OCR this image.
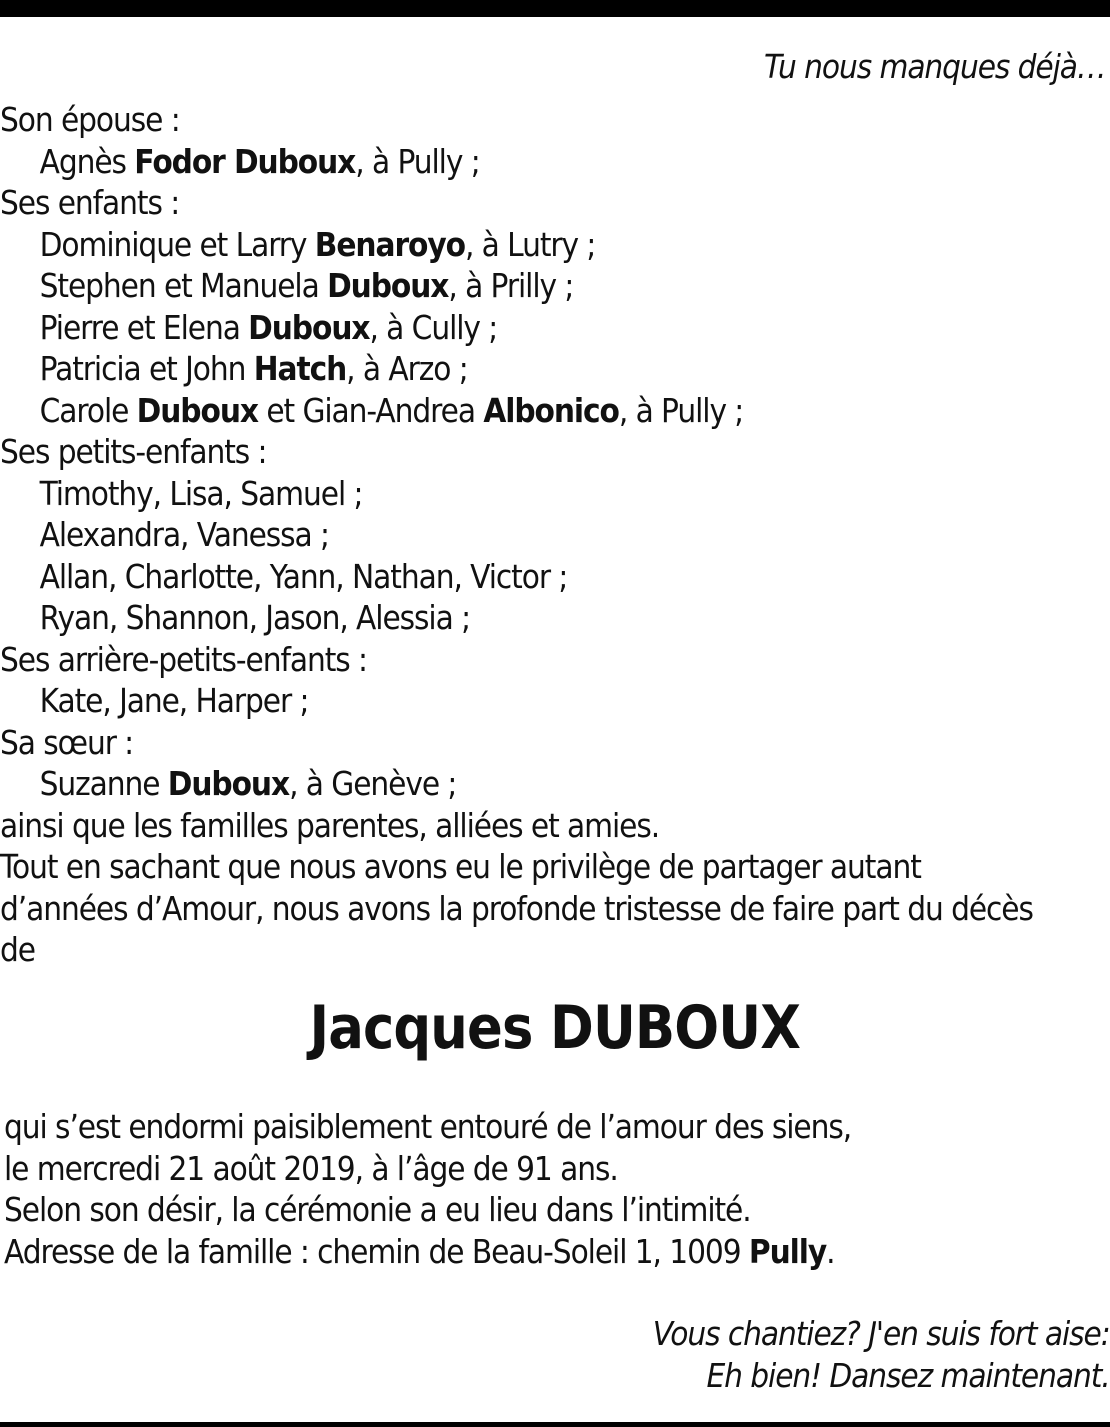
Tu nous manques déjà…
Son épouse :
Agnès Fodor Duboux, à Pully ;
Ses enfants :
Dominique et Larry Benaroyo, à Lutry ;
Stephen et Manuela Duboux, à Prilly ;
Pierre et Elena Duboux, à Cully ;
Patricia et John Hatch, à Arzo ;
Carole Duboux et Gian-Andrea Albonico, à Pully ;
Ses petits-enfants :
Timothy, Lisa, Samuel ;
Alexandra, Vanessa ;
Allan, Charlotte, Yann, Nathan, Victor ;
Ryan, Shannon, Jason, Alessia ;
Ses arrière-petits-enfants :
Kate, Jane, Harper ;
Sa sœur :
Suzanne Duboux, à Genève ;
ainsi que les familles parentes, alliées et amies.
Tout en sachant que nous avons eu le privilège de partager autant
d’années d’Amour, nous avons la profonde tristesse de faire part du décès
de
Jacques DUBOUX
qui s’est endormi paisiblement entouré de l’amour des siens,
le mercredi 21 août 2019, à l’âge de 91 ans.
Selon son désir, la cérémonie a eu lieu dans l’intimité.
Adresse de la famille : chemin de Beau-Soleil 1, 1009 Pully.
Vous chantiez? J'en suis fort aise:
Eh bien! Dansez maintenant.
